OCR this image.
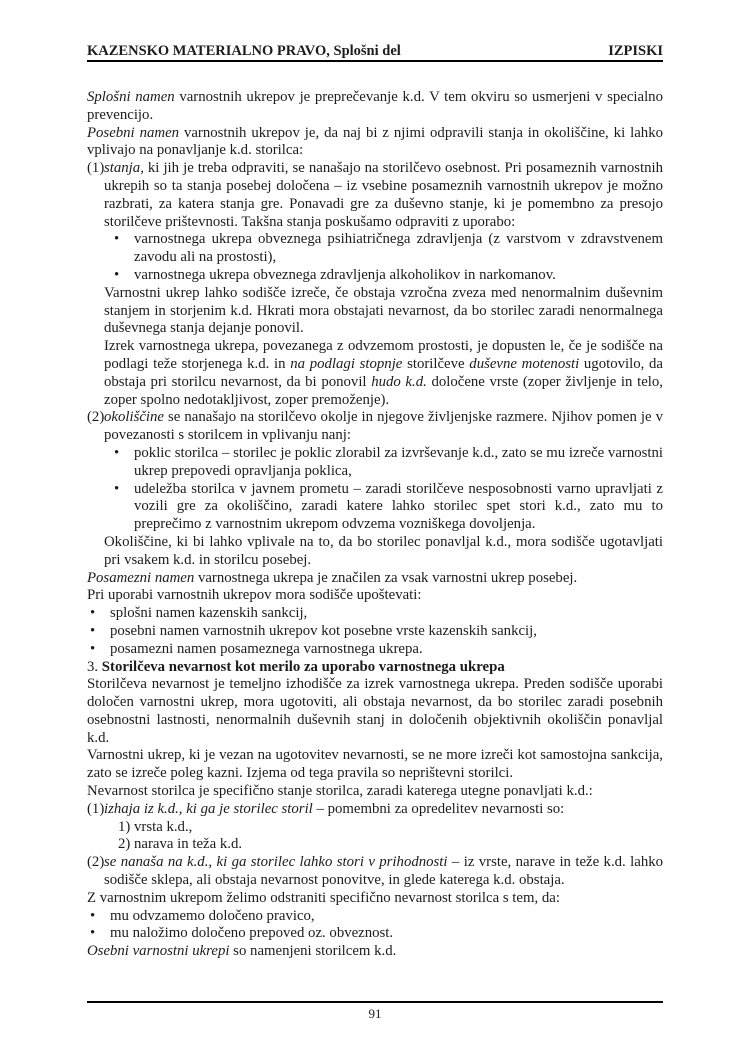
KAZENSKO MATERIALNO PRAVO, Splošni del	IZPISKI
Splošni namen varnostnih ukrepov je preprečevanje k.d. V tem okviru so usmerjeni v specialno prevencijo.
Posebni namen varnostnih ukrepov je, da naj bi z njimi odpravili stanja in okoliščine, ki lahko vplivajo na ponavljanje k.d. storilca:
(1) stanja, ki jih je treba odpraviti, se nanašajo na storilčevo osebnost. Pri posameznih varnostnih ukrepih so ta stanja posebej določena – iz vsebine posameznih varnostnih ukrepov je možno razbrati, za katera stanja gre. Ponavadi gre za duševno stanje, ki je pomembno za presojo storilčeve prištevnosti. Takšna stanja poskušamo odpraviti z uporabo:
• varnostnega ukrepa obveznega psihiatričnega zdravljenja (z varstvom v zdravstvenem zavodu ali na prostosti),
• varnostnega ukrepa obveznega zdravljenja alkoholikov in narkomanov.
Varnostni ukrep lahko sodišče izreče, če obstaja vzročna zveza med nenormalnim duševnim stanjem in storjenim k.d. Hkrati mora obstajati nevarnost, da bo storilec zaradi nenormalnega duševnega stanja dejanje ponovil.
Izrek varnostnega ukrepa, povezanega z odvzemom prostosti, je dopusten le, če je sodišče na podlagi teže storjenega k.d. in na podlagi stopnje storilčeve duševne motenosti ugotovilo, da obstaja pri storilcu nevarnost, da bi ponovil hudo k.d. določene vrste (zoper življenje in telo, zoper spolno nedotakljivost, zoper premoženje).
(2) okoliščine se nanašajo na storilčevo okolje in njegove življenjske razmere. Njihov pomen je v povezanosti s storilcem in vplivanju nanj:
• poklic storilca – storilec je poklic zlorabil za izvrševanje k.d., zato se mu izreče varnostni ukrep prepovedi opravljanja poklica,
• udeležba storilca v javnem prometu – zaradi storilčeve nesposobnosti varno upravljati z vozili gre za okoliščino, zaradi katere lahko storilec spet stori k.d., zato mu to preprečimo z varnostnim ukrepom odvzema vozniškega dovoljenja.
Okoliščine, ki bi lahko vplivale na to, da bo storilec ponavljal k.d., mora sodišče ugotavljati pri vsakem k.d. in storilcu posebej.
Posamezni namen varnostnega ukrepa je značilen za vsak varnostni ukrep posebej.
Pri uporabi varnostnih ukrepov mora sodišče upoštevati:
• splošni namen kazenskih sankcij,
• posebni namen varnostnih ukrepov kot posebne vrste kazenskih sankcij,
• posamezni namen posameznega varnostnega ukrepa.
3. Storilčeva nevarnost kot merilo za uporabo varnostnega ukrepa
Storilčeva nevarnost je temeljno izhodišče za izrek varnostnega ukrepa. Preden sodišče uporabi določen varnostni ukrep, mora ugotoviti, ali obstaja nevarnost, da bo storilec zaradi posebnih osebnostni lastnosti, nenormalnih duševnih stanj in določenih objektivnih okoliščin ponavljal k.d.
Varnostni ukrep, ki je vezan na ugotovitev nevarnosti, se ne more izreči kot samostojna sankcija, zato se izreče poleg kazni. Izjema od tega pravila so neprištevni storilci.
Nevarnost storilca je specifično stanje storilca, zaradi katerega utegne ponavljati k.d.:
(1) izhaja iz k.d., ki ga je storilec storil – pomembni za opredelitev nevarnosti so:
1) vrsta k.d.,
2) narava in teža k.d.
(2) se nanaša na k.d., ki ga storilec lahko stori v prihodnosti – iz vrste, narave in teže k.d. lahko sodišče sklepa, ali obstaja nevarnost ponovitve, in glede katerega k.d. obstaja.
Z varnostnim ukrepom želimo odstraniti specifično nevarnost storilca s tem, da:
• mu odvzamemo določeno pravico,
• mu naložimo določeno prepoved oz. obveznost.
Osebni varnostni ukrepi so namenjeni storilcem k.d.
91
